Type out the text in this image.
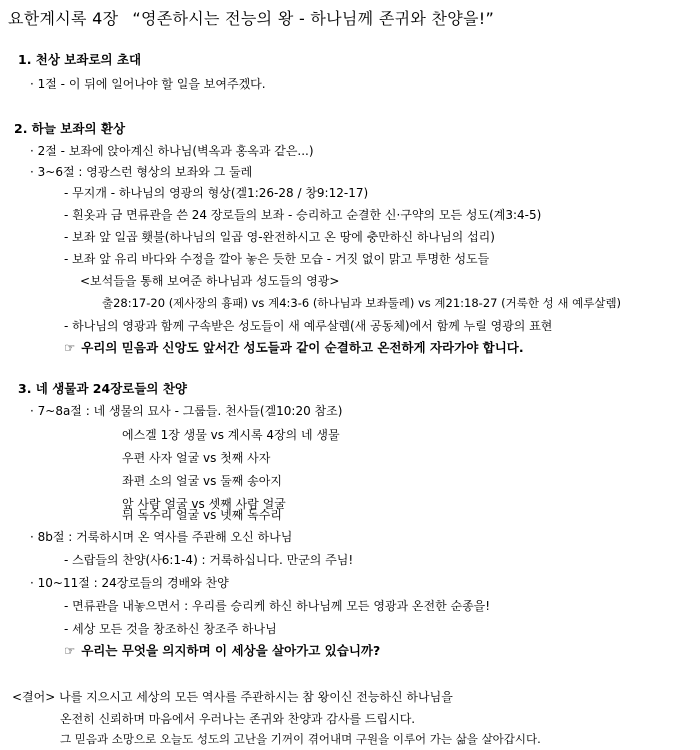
요한계시록 4장 “영존하시는 전능의 왕 - 하나님께 존귀와 찬양을!”
1. 천상 보좌로의 초대
· 1절 - 이 뒤에 일어나야 할 일을 보여주겠다.
2. 하늘 보좌의 환상
· 2절 - 보좌에 앉아계신 하나님(벽옥과 홍옥과 같은...)
· 3~6절 : 영광스런 형상의 보좌와 그 둘레
- 무지개 - 하나님의 영광의 형상(겔1:26-28 / 창9:12-17)
- 흰옷과 금 면류관을 쓴 24 장로들의 보좌 - 승리하고 순결한 신·구약의 모든 성도(계3:4-5)
- 보좌 앞 일곱 횃불(하나님의 일곱 영-완전하시고 온 땅에 충만하신 하나님의 섭리)
- 보좌 앞 유리 바다와 수정을 깔아 놓은 듯한 모습 - 거짓 없이 맑고 투명한 성도들
<보석들을 통해 보여준 하나님과 성도들의 영광>
출28:17-20 (제사장의 흉패) vs 계4:3-6 (하나님과 보좌둘레) vs 계21:18-27 (거룩한 성 새 예루살렘)
- 하나님의 영광과 함께 구속받은 성도들이 새 예루살렘(새 공동체)에서 함께 누릴 영광의 표현
☞ 우리의 믿음과 신앙도 앞서간 성도들과 같이 순결하고 온전하게 자라가야 합니다.
3. 네 생물과 24장로들의 찬양
· 7~8a절 : 네 생물의 묘사 - 그룹들. 천사들(겔10:20 참조)
에스겔 1장 생물 vs 계시록 4장의 네 생물
우편 사자 얼굴 vs 첫째 사자
좌편 소의 얼굴 vs 둘째 송아지
앞 사람 얼굴 vs 셋째 사람 얼굴
뒤 독수리 얼굴 vs 넷째 독수리
· 8b절 : 거룩하시며 온 역사를 주관해 오신 하나님
- 스랍들의 찬양(사6:1-4) : 거룩하십니다. 만군의 주님!
· 10~11절 : 24장로들의 경배와 찬양
- 면류관을 내놓으면서 : 우리를 승리케 하신 하나님께 모든 영광과 온전한 순종을!
- 세상 모든 것을 창조하신 창조주 하나님
☞ 우리는 무엇을 의지하며 이 세상을 살아가고 있습니까?
<결어> 나를 지으시고 세상의 모든 역사를 주관하시는 참 왕이신 전능하신 하나님을
온전히 신뢰하며 마음에서 우러나는 존귀와 찬양과 감사를 드립시다.
그 믿음과 소망으로 오늘도 성도의 고난을 기꺼이 겪어내며 구원을 이루어 가는 삶을 살아갑시다.
